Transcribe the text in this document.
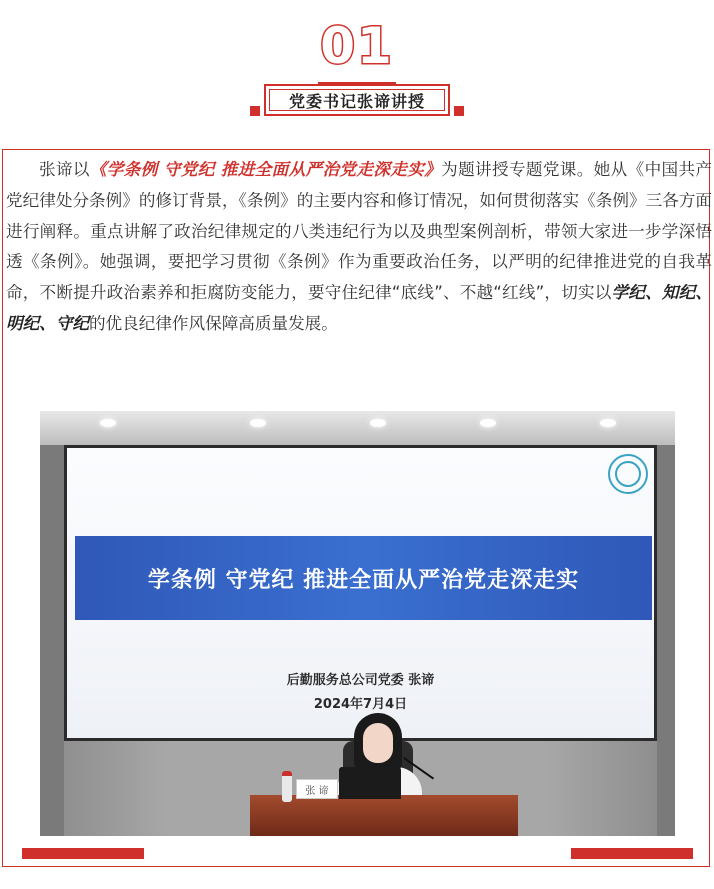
01
党委书记张谛讲授

张谛以《学条例 守党纪 推进全面从严治党走深走实》为题讲授专题党课。她从《中国共产党纪律处分条例》的修订背景，《条例》的主要内容和修订情况，如何贯彻落实《条例》三各方面进行阐释。重点讲解了政治纪律规定的八类违纪行为以及典型案例剖析，带领大家进一步学深悟透《条例》。她强调，要把学习贯彻《条例》作为重要政治任务，以严明的纪律推进党的自我革命，不断提升政治素养和拒腐防变能力，要守住纪律“底线”、不越“红线”，切实以学纪、知纪、明纪、守纪的优良纪律作风保障高质量发展。

学条例 守党纪 推进全面从严治党走深走实
后勤服务总公司党委 张谛
2024年7月4日
张 谛
